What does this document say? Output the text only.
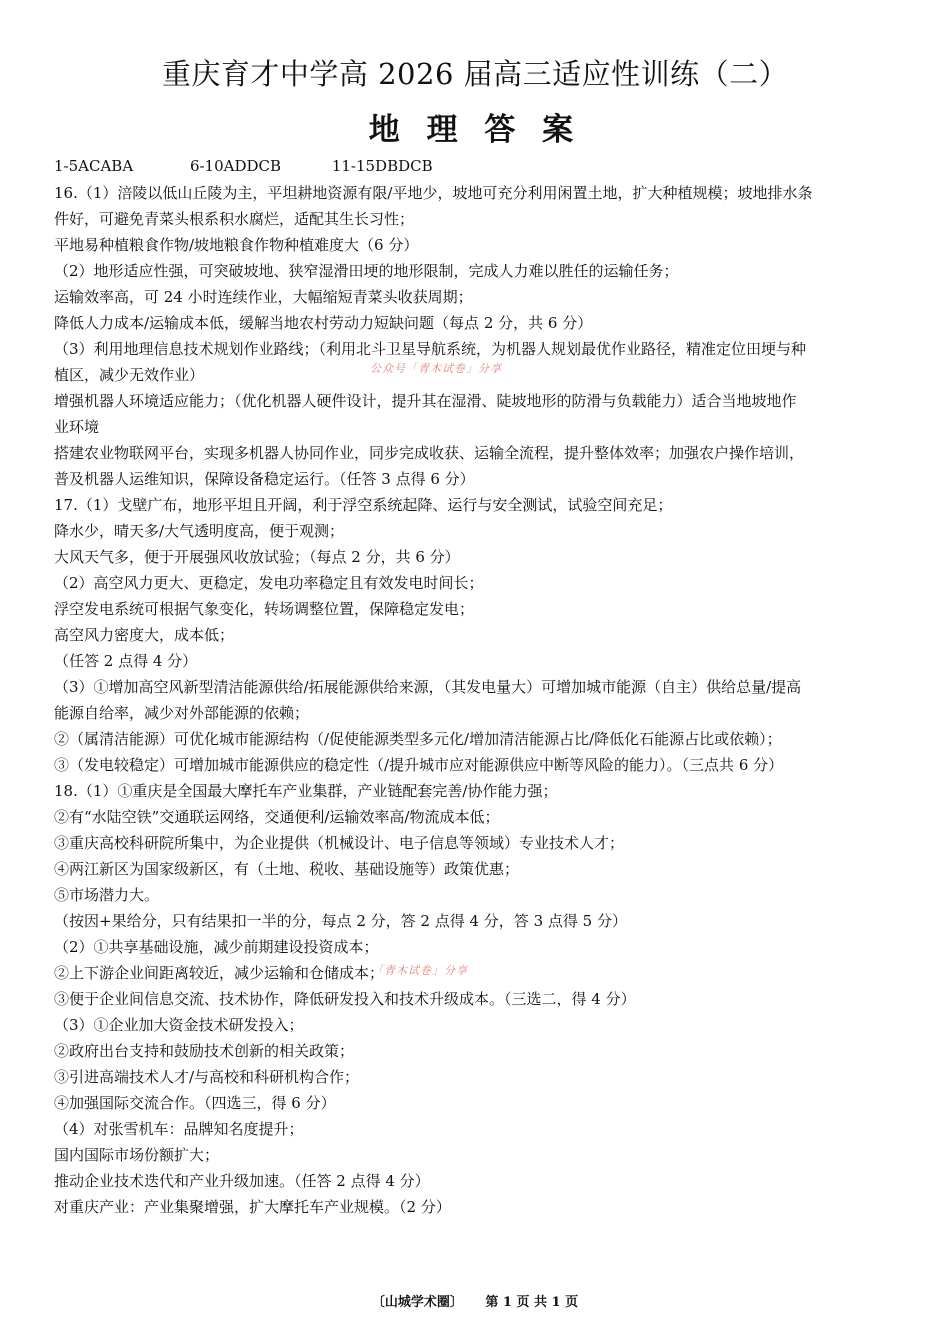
重庆育才中学高 2026 届高三适应性训练（二）
地 理 答 案
1-5ACABA	6-10ADDCB	11-15DBDCB

16.（1）涪陵以低山丘陵为主，平坦耕地资源有限/平地少，坡地可充分利用闲置土地，扩大种植规模；坡地排水条

件好，可避免青菜头根系积水腐烂，适配其生长习性；

平地易种植粮食作物/坡地粮食作物种植难度大（6 分）

（2）地形适应性强，可突破坡地、狭窄湿滑田埂的地形限制，完成人力难以胜任的运输任务；

运输效率高，可 24 小时连续作业，大幅缩短青菜头收获周期；

降低人力成本/运输成本低，缓解当地农村劳动力短缺问题（每点 2 分，共 6 分）

（3）利用地理信息技术规划作业路线；（利用北斗卫星导航系统，为机器人规划最优作业路径，精准定位田埂与种

植区，减少无效作业）

增强机器人环境适应能力；（优化机器人硬件设计，提升其在湿滑、陡坡地形的防滑与负载能力）适合当地坡地作

业环境

搭建农业物联网平台，实现多机器人协同作业，同步完成收获、运输全流程，提升整体效率；加强农户操作培训，

普及机器人运维知识，保障设备稳定运行。（任答 3 点得 6 分）

17.（1）戈壁广布，地形平坦且开阔，利于浮空系统起降、运行与安全测试，试验空间充足；

降水少，晴天多/大气透明度高，便于观测；

大风天气多，便于开展强风收放试验；（每点 2 分，共 6 分）

（2）高空风力更大、更稳定，发电功率稳定且有效发电时间长；

浮空发电系统可根据气象变化，转场调整位置，保障稳定发电；

高空风力密度大，成本低；

（任答 2 点得 4 分）

（3）①增加高空风新型清洁能源供给/拓展能源供给来源，（其发电量大）可增加城市能源（自主）供给总量/提高

能源自给率，减少对外部能源的依赖；

②（属清洁能源）可优化城市能源结构（/促使能源类型多元化/增加清洁能源占比/降低化石能源占比或依赖）；

③（发电较稳定）可增加城市能源供应的稳定性（/提升城市应对能源供应中断等风险的能力）。（三点共 6 分）

18.（1）①重庆是全国最大摩托车产业集群，产业链配套完善/协作能力强；

②有“水陆空铁”交通联运网络，交通便利/运输效率高/物流成本低；

③重庆高校科研院所集中，为企业提供（机械设计、电子信息等领域）专业技术人才；

④两江新区为国家级新区，有（土地、税收、基础设施等）政策优惠；

⑤市场潜力大。

（按因+果给分，只有结果扣一半的分，每点 2 分，答 2 点得 4 分，答 3 点得 5 分）

（2）①共享基础设施，减少前期建设投资成本；

②上下游企业间距离较近，减少运输和仓储成本；

③便于企业间信息交流、技术协作，降低研发投入和技术升级成本。（三选二，得 4 分）

（3）①企业加大资金技术研发投入；

②政府出台支持和鼓励技术创新的相关政策；

③引进高端技术人才/与高校和科研机构合作；

④加强国际交流合作。（四选三，得 6 分）

（4）对张雪机车：品牌知名度提升；

国内国际市场份额扩大；

推动企业技术迭代和产业升级加速。（任答 2 点得 4 分）

对重庆产业：产业集聚增强，扩大摩托车产业规模。（2 分）

公众号「青木试卷」分享
「青木试卷」分享
〔山城学术圈〕 第 1 页 共 1 页
